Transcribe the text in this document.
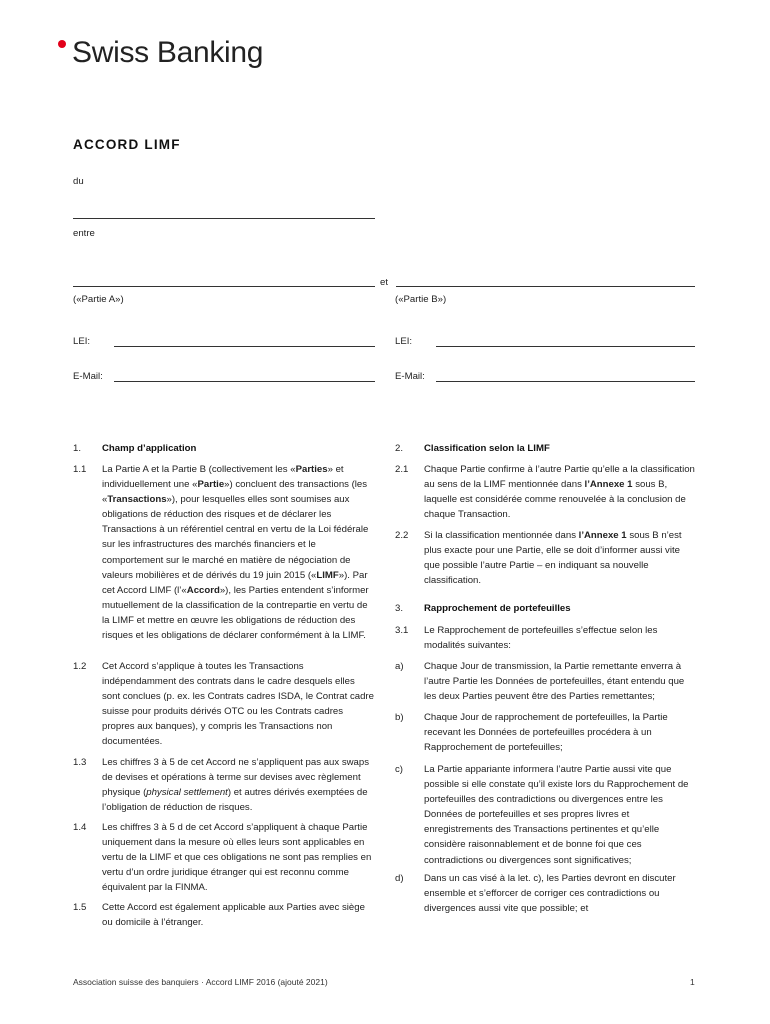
Swiss Banking
ACCORD LIMF
du
entre
et
(«Partie A»)	(«Partie B»)
LEI:	LEI:
E-Mail:	E-Mail:
1. Champ d’application
1.1 La Partie A et la Partie B (collectivement les «Parties» et individuellement une «Partie») concluent des transactions (les «Transactions»), pour lesquelles elles sont soumises aux obligations de réduction des risques et de déclarer les Transactions à un référentiel central en vertu de la Loi fédérale sur les infrastructures des marchés financiers et le comportement sur le marché en matière de négociation de valeurs mobilières et de dérivés du 19 juin 2015 («LIMF»). Par cet Accord LIMF (l’«Accord»), les Parties entendent s’informer mutuellement de la classification de la contrepartie en vertu de la LIMF et mettre en œuvre les obligations de réduction des risques et les obligations de déclarer conformément à la LIMF.
1.2 Cet Accord s’applique à toutes les Transactions indépendamment des contrats dans le cadre desquels elles sont conclues (p. ex. les Contrats cadres ISDA, le Contrat cadre suisse pour produits dérivés OTC ou les Contrats cadres propres aux banques), y compris les Transactions non documentées.
1.3 Les chiffres 3 à 5 de cet Accord ne s’appliquent pas aux swaps de devises et opérations à terme sur devises avec règlement physique (physical settlement) et autres dérivés exemptées de l’obligation de réduction de risques.
1.4 Les chiffres 3 à 5 d de cet Accord s’appliquent à chaque Partie uniquement dans la mesure où elles leurs sont applicables en vertu de la LIMF et que ces obligations ne sont pas remplies en vertu d’un ordre juridique étranger qui est reconnu comme équivalent par la FINMA.
1.5 Cette Accord est également applicable aux Parties avec siège ou domicile à l’étranger.
2. Classification selon la LIMF
2.1 Chaque Partie confirme à l’autre Partie qu’elle a la classification au sens de la LIMF mentionnée dans l’Annexe 1 sous B, laquelle est considérée comme renouvelée à la conclusion de chaque Transaction.
2.2 Si la classification mentionnée dans l’Annexe 1 sous B n’est plus exacte pour une Partie, elle se doit d’informer aussi vite que possible l’autre Partie – en indiquant sa nouvelle classification.
3. Rapprochement de portefeuilles
3.1 Le Rapprochement de portefeuilles s’effectue selon les modalités suivantes:
a) Chaque Jour de transmission, la Partie remettante enverra à l’autre Partie les Données de portefeuilles, étant entendu que les deux Parties peuvent être des Parties remettantes;
b) Chaque Jour de rapprochement de portefeuilles, la Partie recevant les Données de portefeuilles procédera à un Rapprochement de portefeuilles;
c) La Partie appariante informera l’autre Partie aussi vite que possible si elle constate qu’il existe lors du Rapprochement de portefeuilles des contradictions ou divergences entre les Données de portefeuilles et ses propres livres et enregistrements des Transactions pertinentes et qu’elle considère raisonnablement et de bonne foi que ces contradictions ou divergences sont significatives;
d) Dans un cas visé à la let. c), les Parties devront en discuter ensemble et s’efforcer de corriger ces contradictions ou divergences aussi vite que possible; et
Association suisse des banquiers · Accord LIMF 2016 (ajouté 2021)	1
